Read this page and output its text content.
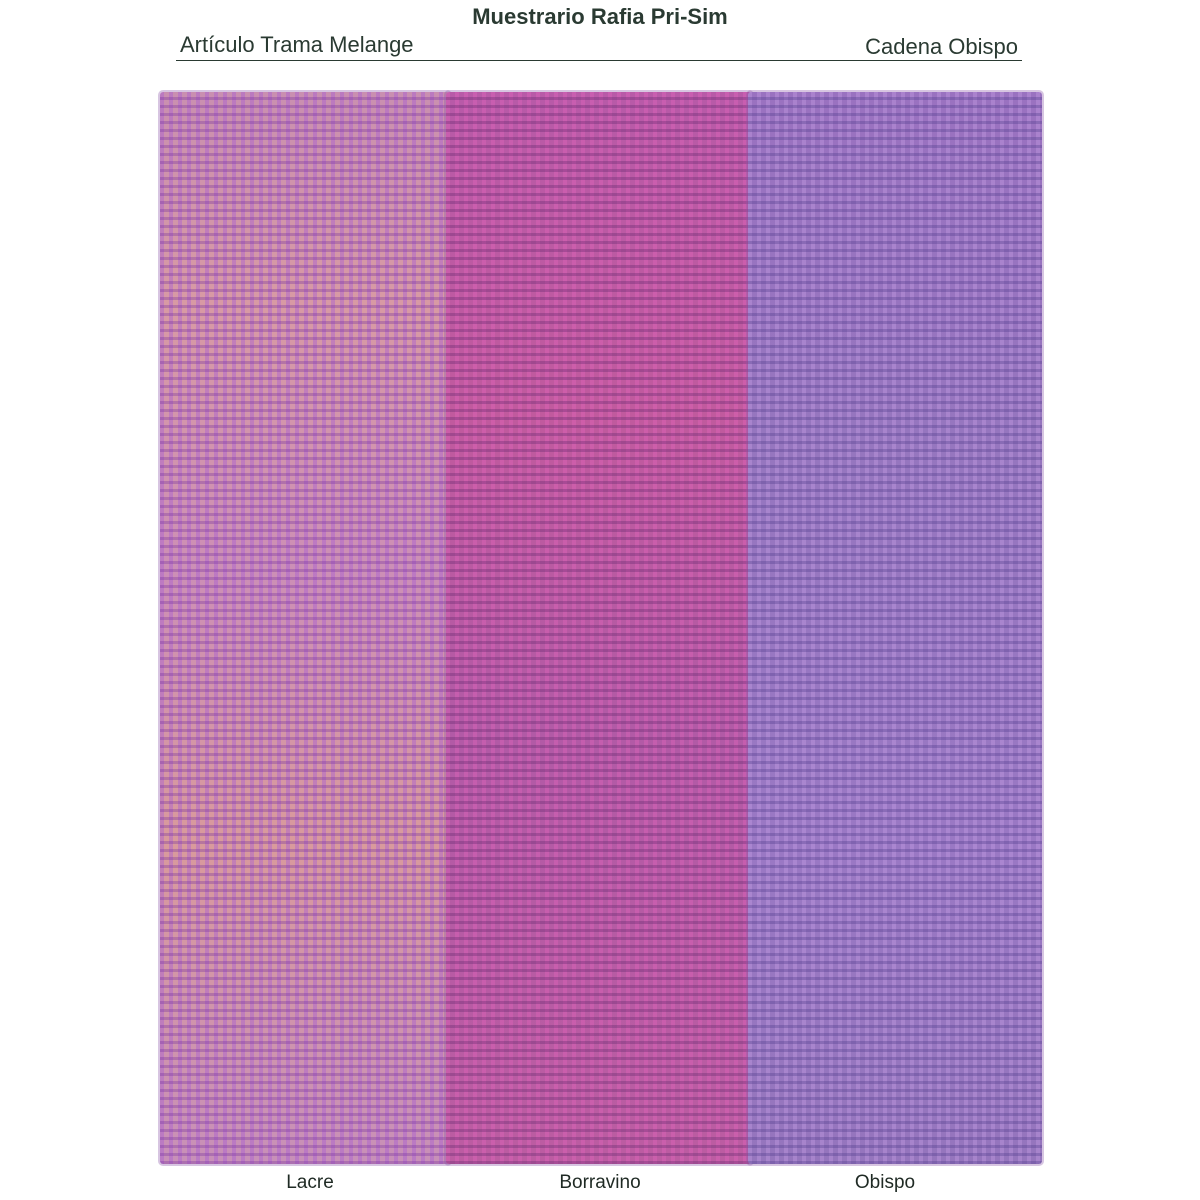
Muestrario Rafia Pri-Sim
Artículo Trama Melange	Cadena Obispo
Lacre	Borravino	Obispo
